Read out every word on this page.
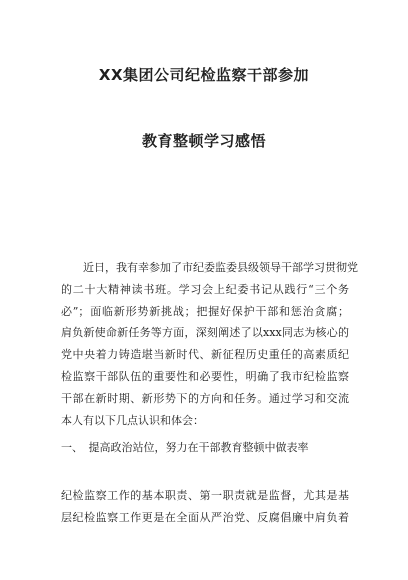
XX集团公司纪检监察干部参加
教育整顿学习感悟

　　近日，我有幸参加了市纪委监委县级领导干部学习贯彻党
的二十大精神读书班。学习会上纪委书记从践行“三个务
必”；面临新形势新挑战；把握好保护干部和惩治贪腐；
肩负新使命新任务等方面，深刻阐述了以xxx同志为核心的
党中央着力铸造堪当新时代、新征程历史重任的高素质纪
检监察干部队伍的重要性和必要性，明确了我市纪检监察
干部在新时期、新形势下的方向和任务。通过学习和交流
本人有以下几点认识和体会：

一、　提高政治站位，努力在干部教育整顿中做表率

纪检监察工作的基本职责、第一职责就是监督，尤其是基
层纪检监察工作更是在全面从严治党、反腐倡廉中肩负着
